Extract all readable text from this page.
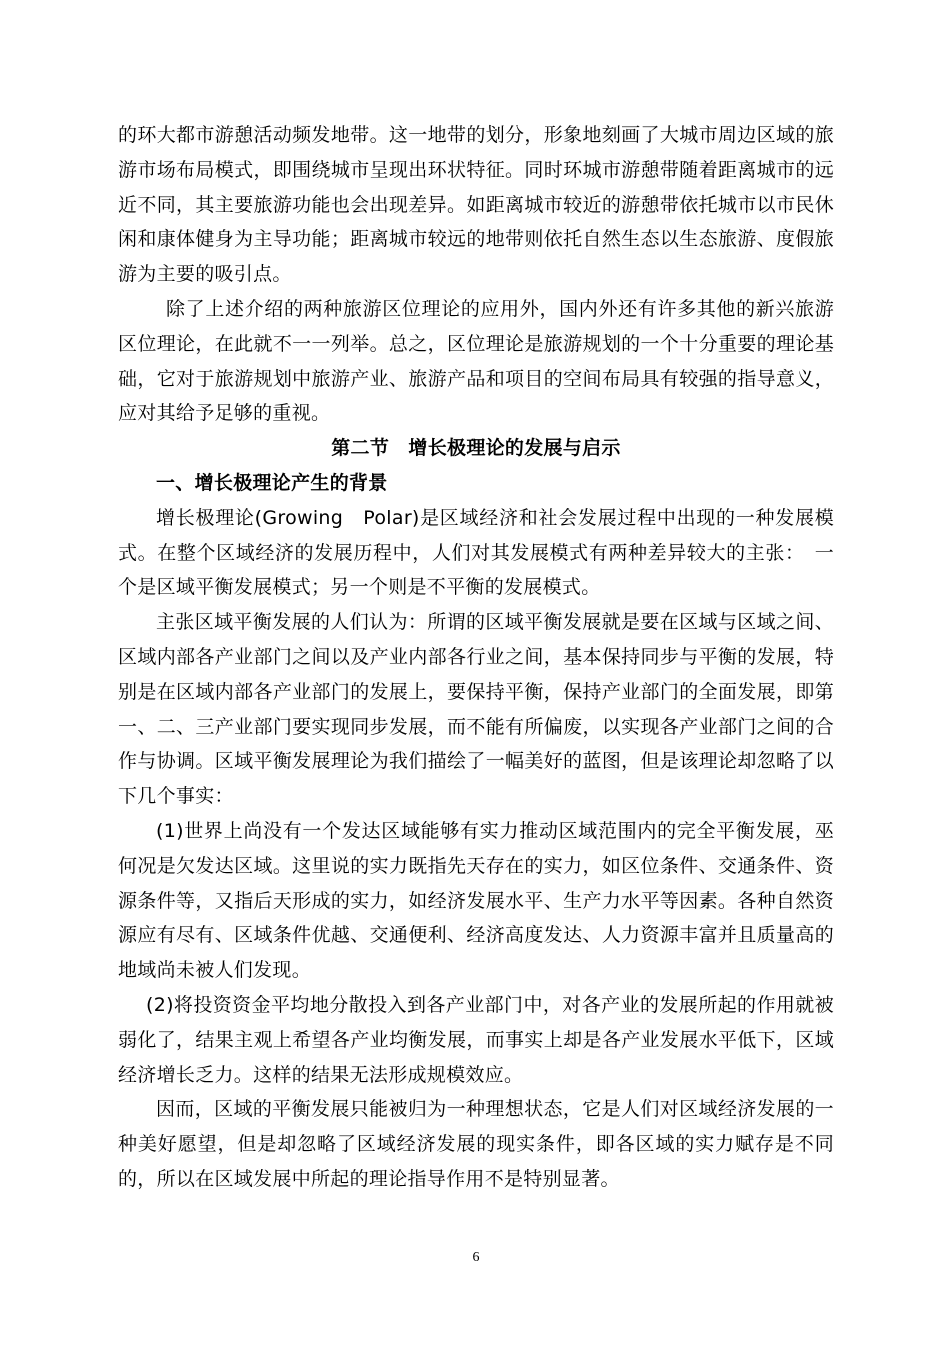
的环大都市游憩活动频发地带。这一地带的划分，形象地刻画了大城市周边区域的旅游市场布局模式，即围绕城市呈现出环状特征。同时环城市游憩带随着距离城市的远近不同，其主要旅游功能也会出现差异。如距离城市较近的游憩带依托城市以市民休闲和康体健身为主导功能；距离城市较远的地带则依托自然生态以生态旅游、度假旅游为主要的吸引点。

除了上述介绍的两种旅游区位理论的应用外，国内外还有许多其他的新兴旅游区位理论，在此就不一一列举。总之，区位理论是旅游规划的一个十分重要的理论基础，它对于旅游规划中旅游产业、旅游产品和项目的空间布局具有较强的指导意义，应对其给予足够的重视。

第二节　增长极理论的发展与启示

一、增长极理论产生的背景

增长极理论(Growing　Polar)是区域经济和社会发展过程中出现的一种发展模式。在整个区域经济的发展历程中，人们对其发展模式有两种差异较大的主张：　一个是区域平衡发展模式；另一个则是不平衡的发展模式。

主张区域平衡发展的人们认为：所谓的区域平衡发展就是要在区域与区域之间、区域内部各产业部门之间以及产业内部各行业之间，基本保持同步与平衡的发展，特别是在区域内部各产业部门的发展上，要保持平衡，保持产业部门的全面发展，即第一、二、三产业部门要实现同步发展，而不能有所偏废，以实现各产业部门之间的合作与协调。区域平衡发展理论为我们描绘了一幅美好的蓝图，但是该理论却忽略了以下几个事实：

(1)世界上尚没有一个发达区域能够有实力推动区域范围内的完全平衡发展，巫何况是欠发达区域。这里说的实力既指先天存在的实力，如区位条件、交通条件、资源条件等，又指后天形成的实力，如经济发展水平、生产力水平等因素。各种自然资源应有尽有、区域条件优越、交通便利、经济高度发达、人力资源丰富并且质量高的地域尚未被人们发现。

(2)将投资资金平均地分散投入到各产业部门中，对各产业的发展所起的作用就被弱化了，结果主观上希望各产业均衡发展，而事实上却是各产业发展水平低下，区域经济增长乏力。这样的结果无法形成规模效应。

因而，区域的平衡发展只能被归为一种理想状态，它是人们对区域经济发展的一种美好愿望，但是却忽略了区域经济发展的现实条件，即各区域的实力赋存是不同的，所以在区域发展中所起的理论指导作用不是特别显著。

6
